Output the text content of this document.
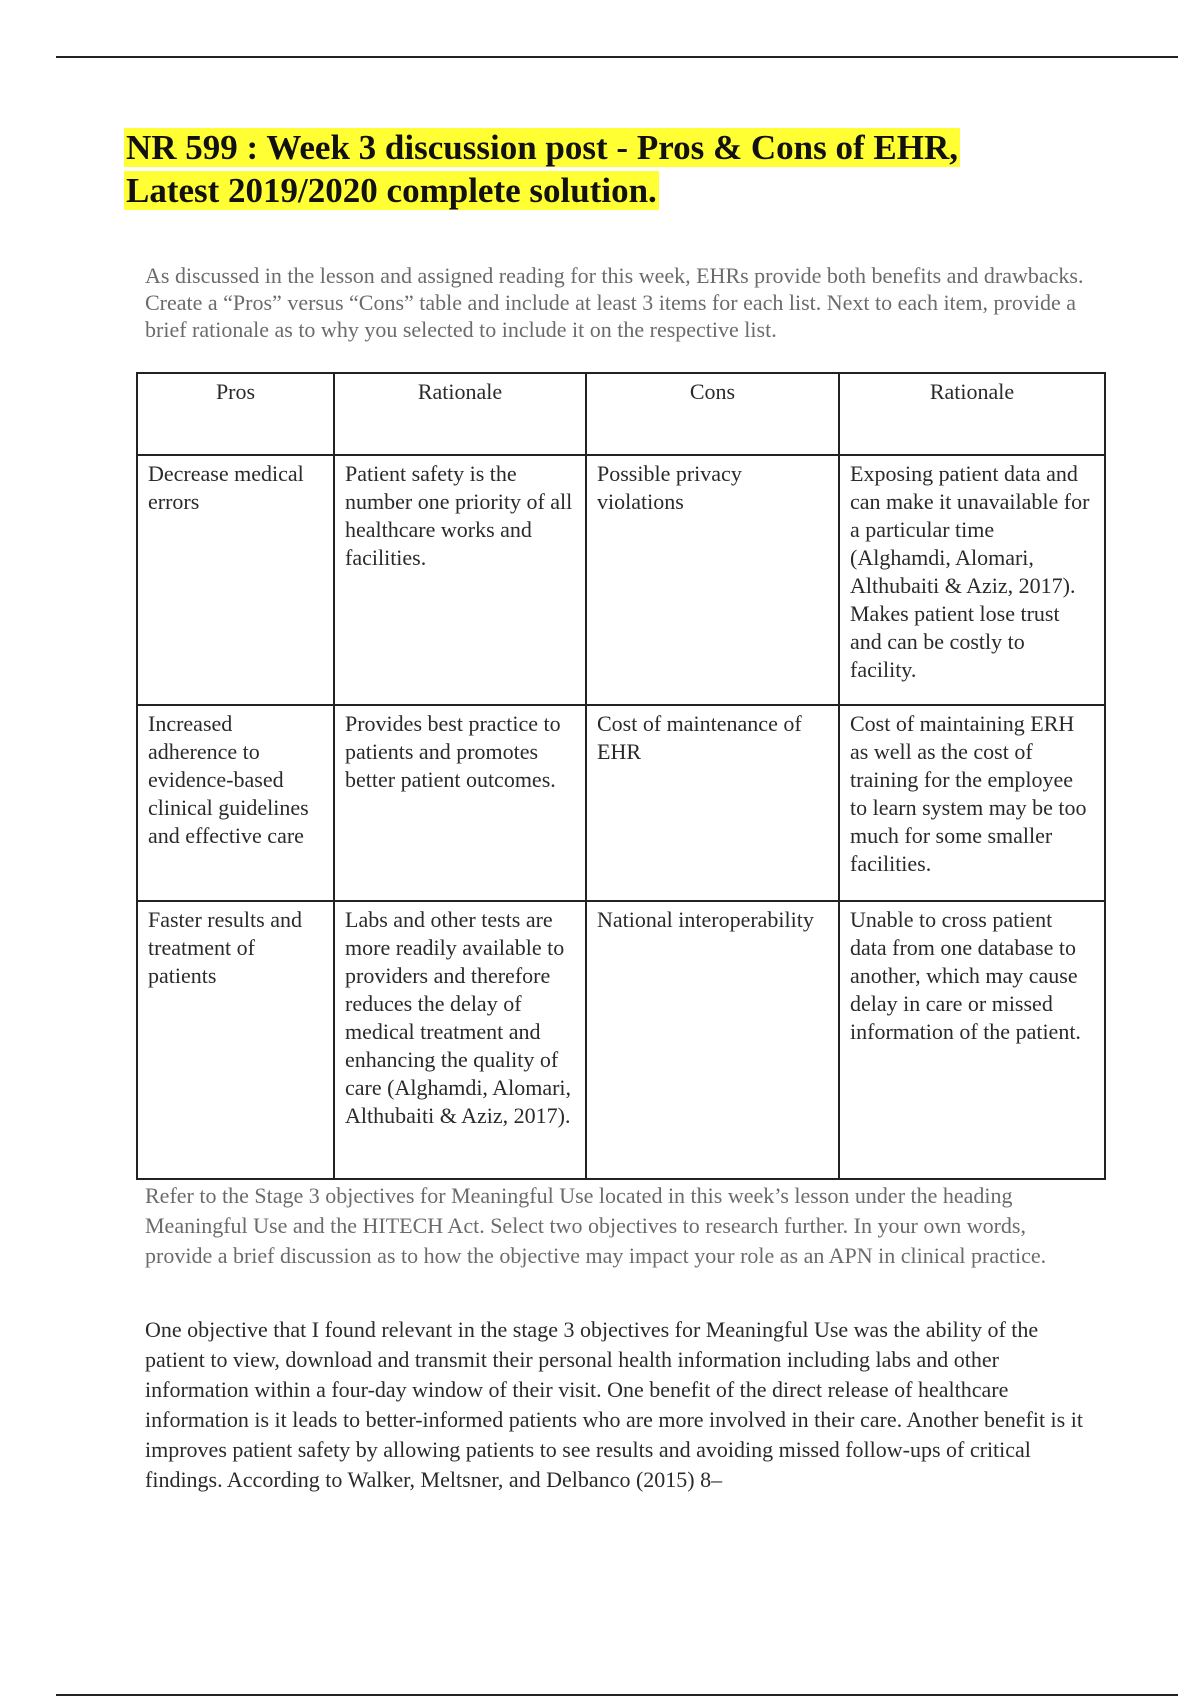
NR 599 : Week 3 discussion post - Pros & Cons of EHR,
Latest 2019/2020 complete solution.
As discussed in the lesson and assigned reading for this week, EHRs provide both benefits and drawbacks. Create a “Pros” versus “Cons” table and include at least 3 items for each list. Next to each item, provide a brief rationale as to why you selected to include it on the respective list.
Pros	Rationale	Cons	Rationale
Decrease medical errors	Patient safety is the number one priority of all healthcare works and facilities.	Possible privacy violations	Exposing patient data and can make it unavailable for a particular time (Alghamdi, Alomari, Althubaiti & Aziz, 2017). Makes patient lose trust and can be costly to facility.
Increased adherence to evidence-based clinical guidelines and effective care	Provides best practice to patients and promotes better patient outcomes.	Cost of maintenance of EHR	Cost of maintaining ERH as well as the cost of training for the employee to learn system may be too much for some smaller facilities.
Faster results and treatment of patients	Labs and other tests are more readily available to providers and therefore reduces the delay of medical treatment and enhancing the quality of care (Alghamdi, Alomari, Althubaiti & Aziz, 2017).	National interoperability	Unable to cross patient data from one database to another, which may cause delay in care or missed information of the patient.
Refer to the Stage 3 objectives for Meaningful Use located in this week’s lesson under the heading Meaningful Use and the HITECH Act. Select two objectives to research further. In your own words, provide a brief discussion as to how the objective may impact your role as an APN in clinical practice.
One objective that I found relevant in the stage 3 objectives for Meaningful Use was the ability of the patient to view, download and transmit their personal health information including labs and other information within a four-day window of their visit. One benefit of the direct release of healthcare information is it leads to better-informed patients who are more involved in their care. Another benefit is it improves patient safety by allowing patients to see results and avoiding missed follow-ups of critical findings. According to Walker, Meltsner, and Delbanco (2015) 8–
